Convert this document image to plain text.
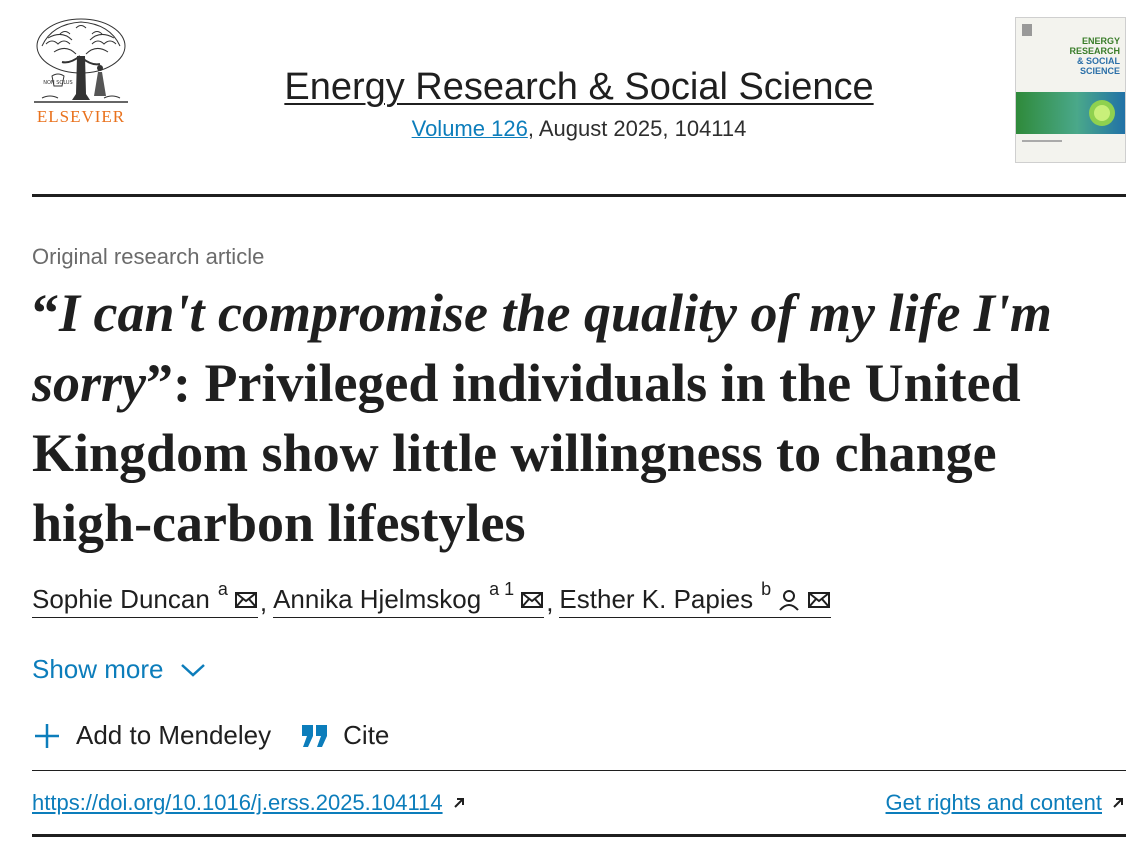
NON SOLUS
ELSEVIER
Energy Research & Social Science
Volume 126, August 2025, 104114
ENERGY
RESEARCH
& SOCIAL
SCIENCE
Original research article
“I can't compromise the quality of my life I'm sorry”: Privileged individuals in the United Kingdom show little willingness to change high-carbon lifestyles
Sophie Duncan $^a$ , Annika Hjelmskog $^{a 1}$ , Esther K. Papies $^b$
Show more
Add to Mendeley	Cite
https://doi.org/10.1016/j.erss.2025.104114	Get rights and content
